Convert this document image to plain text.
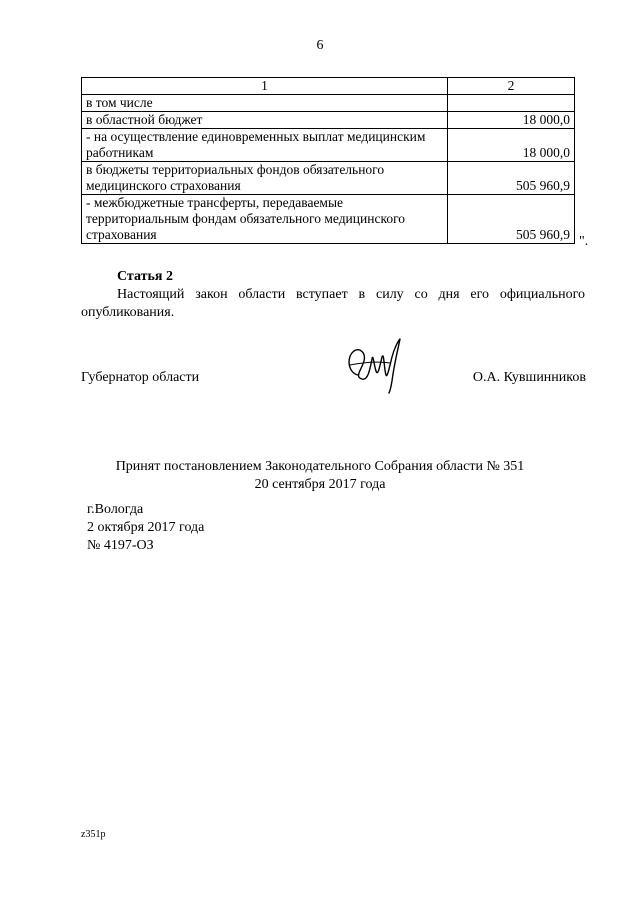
6
1	2
в том числе	
в областной бюджет	18 000,0
- на осуществление единовременных выплат медицинским работникам	18 000,0
в бюджеты территориальных фондов обязательного медицинского страхования	505 960,9
- межбюджетные трансферты, передаваемые территориальным фондам обязательного медицинского страхования	505 960,9 ".
Статья 2
Настоящий закон области вступает в силу со дня его официального опубликования.
Губернатор области	О.А. Кувшинников
Принят постановлением Законодательного Собрания области № 351
20 сентября 2017 года
г.Вологда
2 октября 2017 года
№ 4197-ОЗ
z351p
